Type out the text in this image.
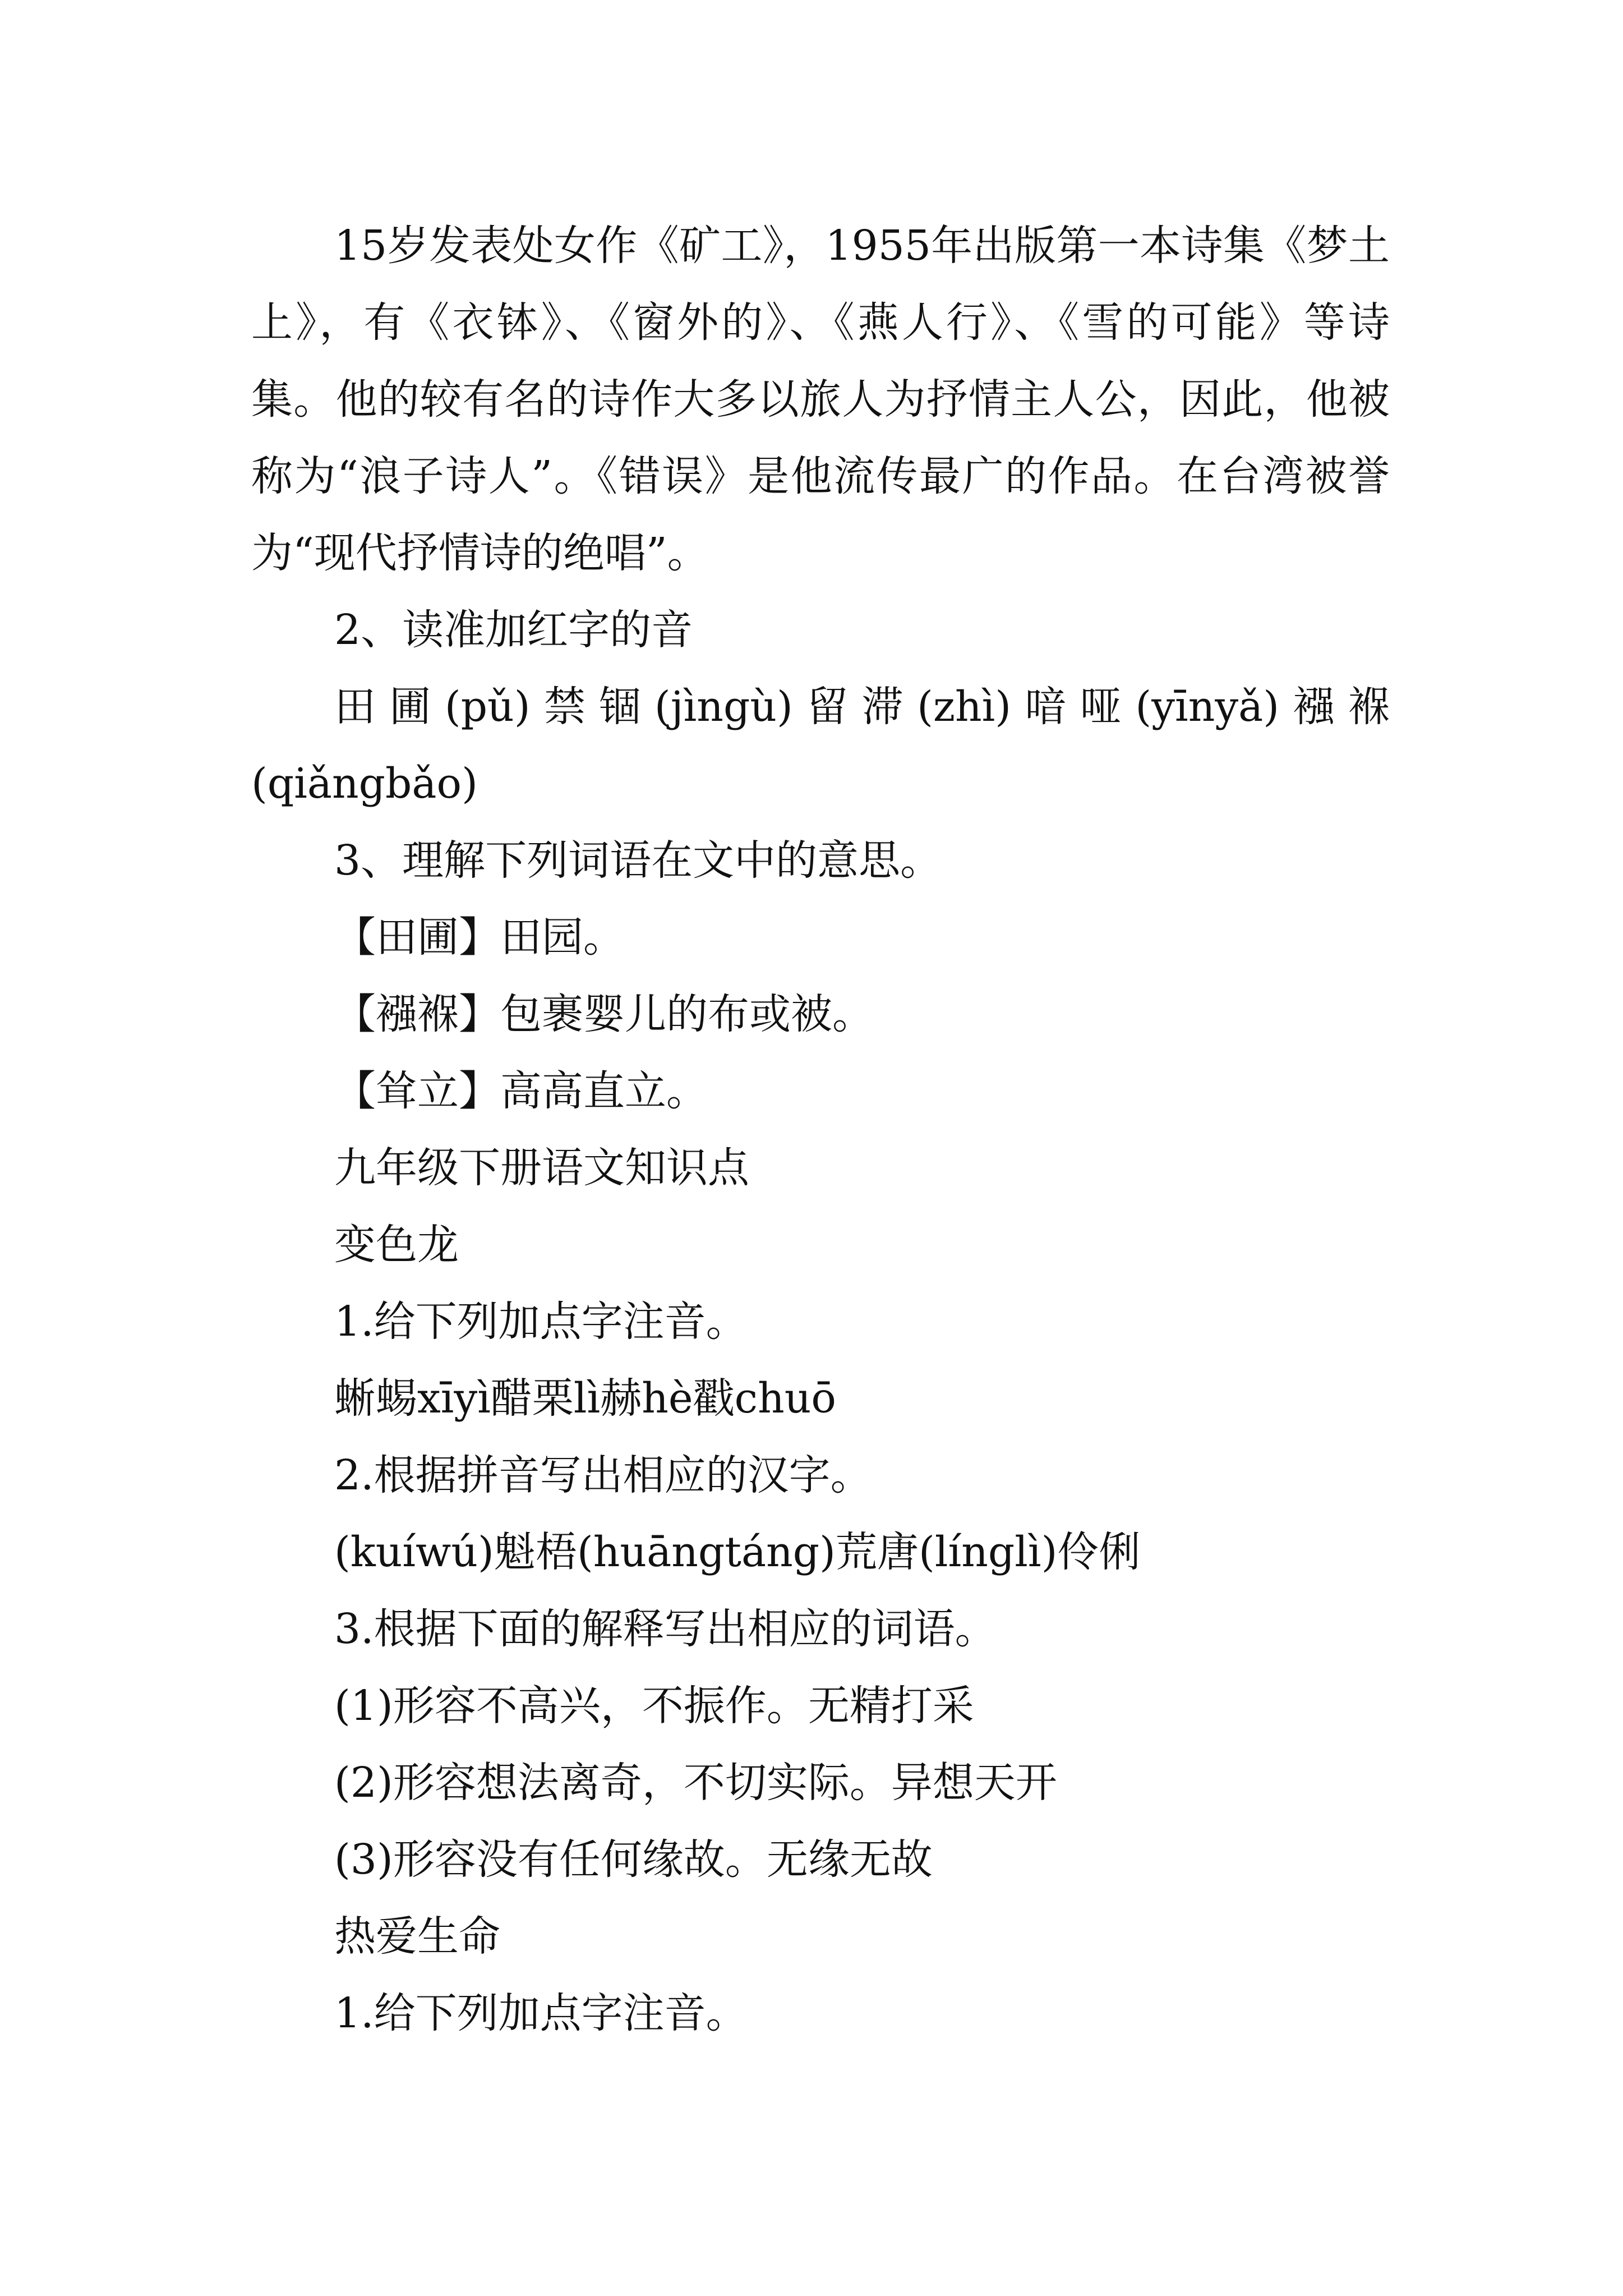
15岁发表处女作《矿工》，1955年出版第一本诗集《梦土上》，有《衣钵》、《窗外的》、《燕人行》、《雪的可能》等诗集。他的较有名的诗作大多以旅人为抒情主人公，因此，他被称为“浪子诗人”。《错误》是他流传最广的作品。在台湾被誉为“现代抒情诗的绝唱”。

2、读准加红字的音

田圃(pǔ)禁锢(jìngù)留滞(zhì)喑哑(yīnyǎ)襁褓(qiǎngbǎo)

3、理解下列词语在文中的意思。

【田圃】田园。

【襁褓】包裹婴儿的布或被。

【耸立】高高直立。

九年级下册语文知识点

变色龙

1.给下列加点字注音。

蜥蜴xīyì醋栗lì赫hè戳chuō

2.根据拼音写出相应的汉字。

(kuíwú)魁梧(huāngtáng)荒唐(línglì)伶俐

3.根据下面的解释写出相应的词语。

(1)形容不高兴，不振作。无精打采

(2)形容想法离奇，不切实际。异想天开

(3)形容没有任何缘故。无缘无故

热爱生命

1.给下列加点字注音。
